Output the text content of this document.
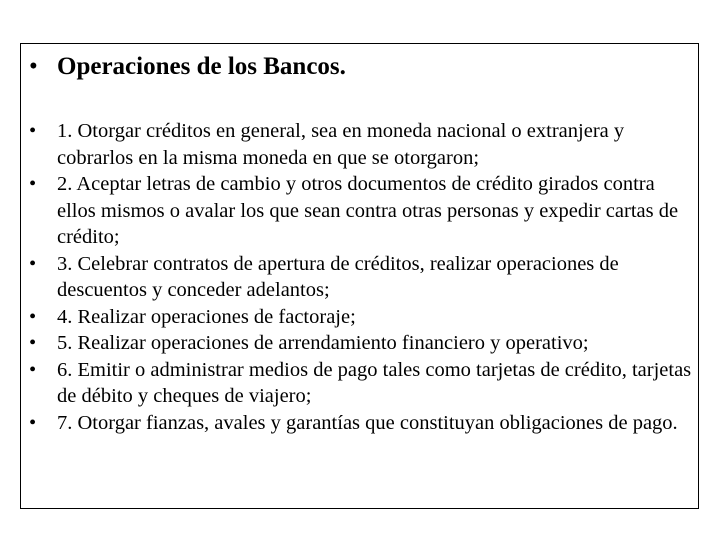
• Operaciones de los Bancos.
•	1. Otorgar créditos en general, sea en moneda nacional o extranjera y cobrarlos en la misma moneda en que se otorgaron;
•	2. Aceptar letras de cambio y otros documentos de crédito girados contra ellos mismos o avalar los que sean contra otras personas y expedir cartas de crédito;
•	3. Celebrar contratos de apertura de créditos, realizar operaciones de descuentos y conceder adelantos;
•	4. Realizar operaciones de factoraje;
•	5. Realizar operaciones de arrendamiento financiero y operativo;
•	6. Emitir o administrar medios de pago tales como tarjetas de crédito, tarjetas de débito y cheques de viajero;
•	7. Otorgar fianzas, avales y garantías que constituyan obligaciones de pago.
